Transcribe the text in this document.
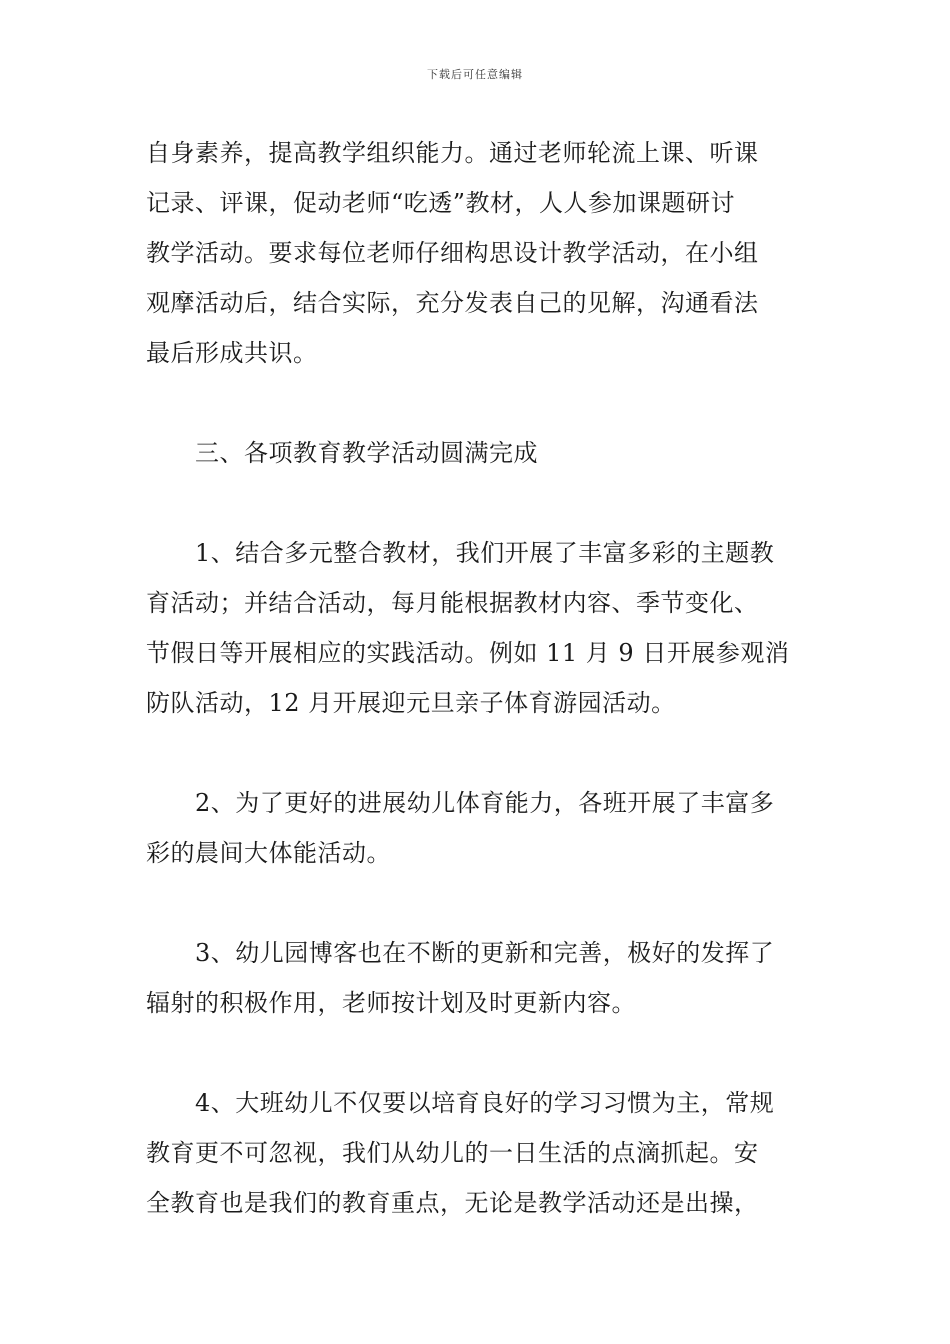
下载后可任意编辑
自身素养，提高教学组织能力。通过老师轮流上课、听课
记录、评课，促动老师“吃透”教材，人人参加课题研讨
教学活动。要求每位老师仔细构思设计教学活动，在小组
观摩活动后，结合实际，充分发表自己的见解，沟通看法
最后形成共识。
　　三、各项教育教学活动圆满完成
　　1、结合多元整合教材，我们开展了丰富多彩的主题教
育活动；并结合活动，每月能根据教材内容、季节变化、
节假日等开展相应的实践活动。例如 11 月 9 日开展参观消
防队活动，12 月开展迎元旦亲子体育游园活动。
　　2、为了更好的进展幼儿体育能力，各班开展了丰富多
彩的晨间大体能活动。
　　3、幼儿园博客也在不断的更新和完善，极好的发挥了
辐射的积极作用，老师按计划及时更新内容。
　　4、大班幼儿不仅要以培育良好的学习习惯为主，常规
教育更不可忽视，我们从幼儿的一日生活的点滴抓起。安
全教育也是我们的教育重点，无论是教学活动还是出操，
